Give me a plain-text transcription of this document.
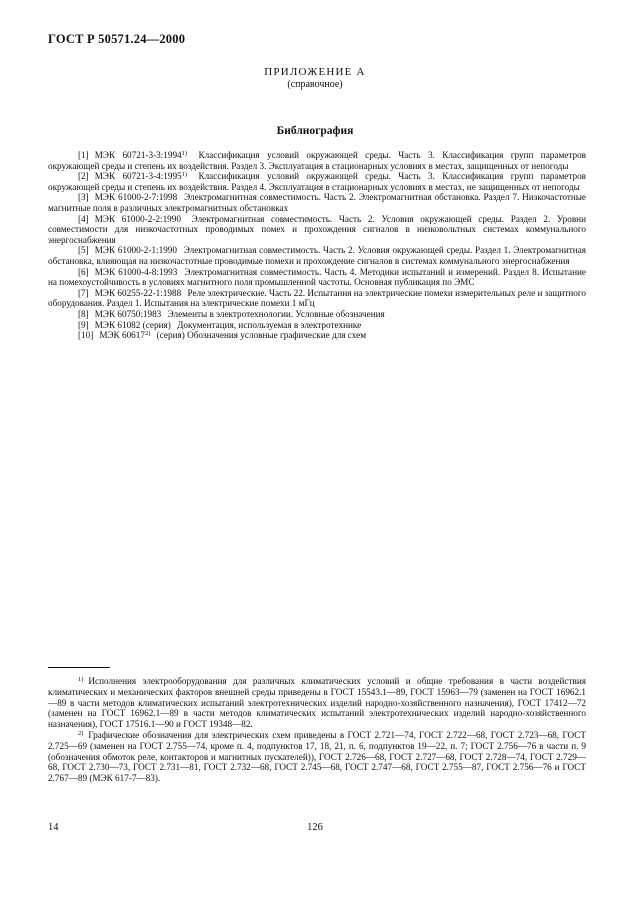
ГОСТ Р 50571.24—2000
ПРИЛОЖЕНИЕ А
(справочное)
Библиография

[1] МЭК 60721-3-3:1994$^{1)}$ Классификация условий окружающей среды. Часть 3. Классификация групп параметров окружающей среды и степень их воздействия. Раздел 3. Эксплуатация в стационарных условиях в местах, защищенных от непогоды

[2] МЭК 60721-3-4:1995$^{1)}$ Классификация условий окружающей среды. Часть 3. Классификация групп параметров окружающей среды и степень их воздействия. Раздел 4. Эксплуатация в стационарных условиях в местах, не защищенных от непогоды

[3] МЭК 61000-2-7:1998 Электромагнитная совместимость. Часть 2. Электромагнитная обстановка. Раздел 7. Низкочастотные магнитные поля в различных электромагнитных обстановках

[4] МЭК 61000-2-2:1990 Электромагнитная совместимость. Часть 2. Условия окружающей среды. Раздел 2. Уровни совместимости для низкочастотных проводимых помех и прохождения сигналов в низковольтных системах коммунального энергоснабжения

[5] МЭК 61000-2-1:1990 Электромагнитная совместимость. Часть 2. Условия окружающей среды. Раздел 1. Электромагнитная обстановка, влияющая на низкочастотные проводимые помехи и прохождение сигналов в системах коммунального энергоснабжения

[6] МЭК 61000-4-8:1993 Электромагнитная совместимость. Часть 4. Методики испытаний и измерений. Раздел 8. Испытание на помехоустойчивость в условиях магнитного поля промышленной частоты. Основная публикация по ЭМС

[7] МЭК 60255-22-1:1988 Реле электрические. Часть 22. Испытания на электрические помехи измерительных реле и защитного оборудования. Раздел 1. Испытания на электрические помехи 1 мГц

[8] МЭК 60750:1983 Элементы в электротехнологии. Условные обозначения

[9] МЭК 61082 (серия) Документация, используемая в электротехнике

[10] МЭК 60617$^{2)}$ (серия) Обозначения условные графические для схем

$^{1)}$ Исполнения электрооборудования для различных климатических условий и общие требования в части воздействия климатических и механических факторов внешней среды приведены в ГОСТ 15543.1—89, ГОСТ 15963—79 (заменен на ГОСТ 16962.1—89 в части методов климатических испытаний электротехнических изделий народно-хозяйственного назначения), ГОСТ 17412—72 (заменен на ГОСТ 16962.1—89 в части методов климатических испытаний электротехнических изделий народно-хозяйственного назначения), ГОСТ 17516.1—90 и ГОСТ 19348—82.

$^{2)}$ Графические обозначения для электрических схем приведены в ГОСТ 2.721—74, ГОСТ 2.722—68, ГОСТ 2.723—68, ГОСТ 2.725—69 (заменен на ГОСТ 2.755—74, кроме п. 4, подпунктов 17, 18, 21, п. 6, подпунктов 19—22, п. 7; ГОСТ 2.756—76 в части п. 9 (обозначения обмоток реле, контакторов и магнитных пускателей)), ГОСТ 2.726—68, ГОСТ 2.727—68, ГОСТ 2.728—74, ГОСТ 2.729—68, ГОСТ 2.730—73, ГОСТ 2.731—81, ГОСТ 2.732—68, ГОСТ 2.745—68, ГОСТ 2.747—68, ГОСТ 2.755—87, ГОСТ 2.756—76 и ГОСТ 2.767—89 (МЭК 617-7—83).

14	126
